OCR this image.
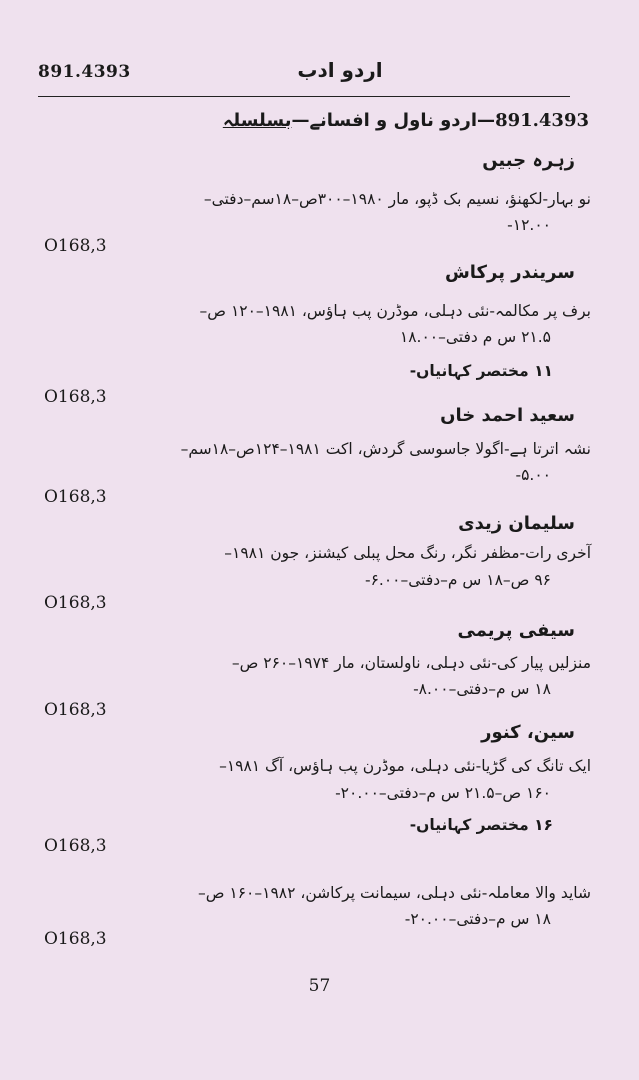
891.4393	اردو ادب
891.4393—اردو ناول و افسانے—بسلسلہ
زہرہ جبیں
نو بہار-لکھنؤ، نسیم بک ڈپو، مار ۱۹۸۰–۳۰۰ص–۱۸سم–دفتی–
۱۲.۰۰-
O168,3
سریندر پرکاش
برف پر مکالمہ-نئی دہلی، موڈرن پب ہاؤس، ۱۹۸۱–۱۲۰ ص–
۲۱.۵ س م دفتی–۱۸.۰۰
۱۱ مختصر کہانیاں-
O168,3
سعید احمد خاں
نشہ اترتا ہے-اگولا جاسوسی گردش، اکت ۱۹۸۱–۱۲۴ص–۱۸سم–
۵.۰۰-
O168,3
سلیمان زیدی
آخری رات-مظفر نگر، رنگ محل پبلی کیشنز، جون ۱۹۸۱–
۹۶ ص–۱۸ س م–دفتی–۶.۰۰-
O168,3
سیفی پریمی
منزلیں پیار کی-نئی دہلی، ناولستان، مار ۱۹۷۴–۲۶۰ ص–
۱۸ س م–دفتی–۸.۰۰-
O168,3
سین، کنور
ایک تانگ کی گڑیا-نئی دہلی، موڈرن پب ہاؤس، آگ ۱۹۸۱–
۱۶۰ ص–۲۱.۵ س م–دفتی–۲۰.۰۰-
۱۶ مختصر کہانیاں-
O168,3
شاید والا معاملہ-نئی دہلی، سیمانت پرکاشن، ۱۹۸۲–۱۶۰ ص–
۱۸ س م–دفتی–۲۰.۰۰-
O168,3
57
